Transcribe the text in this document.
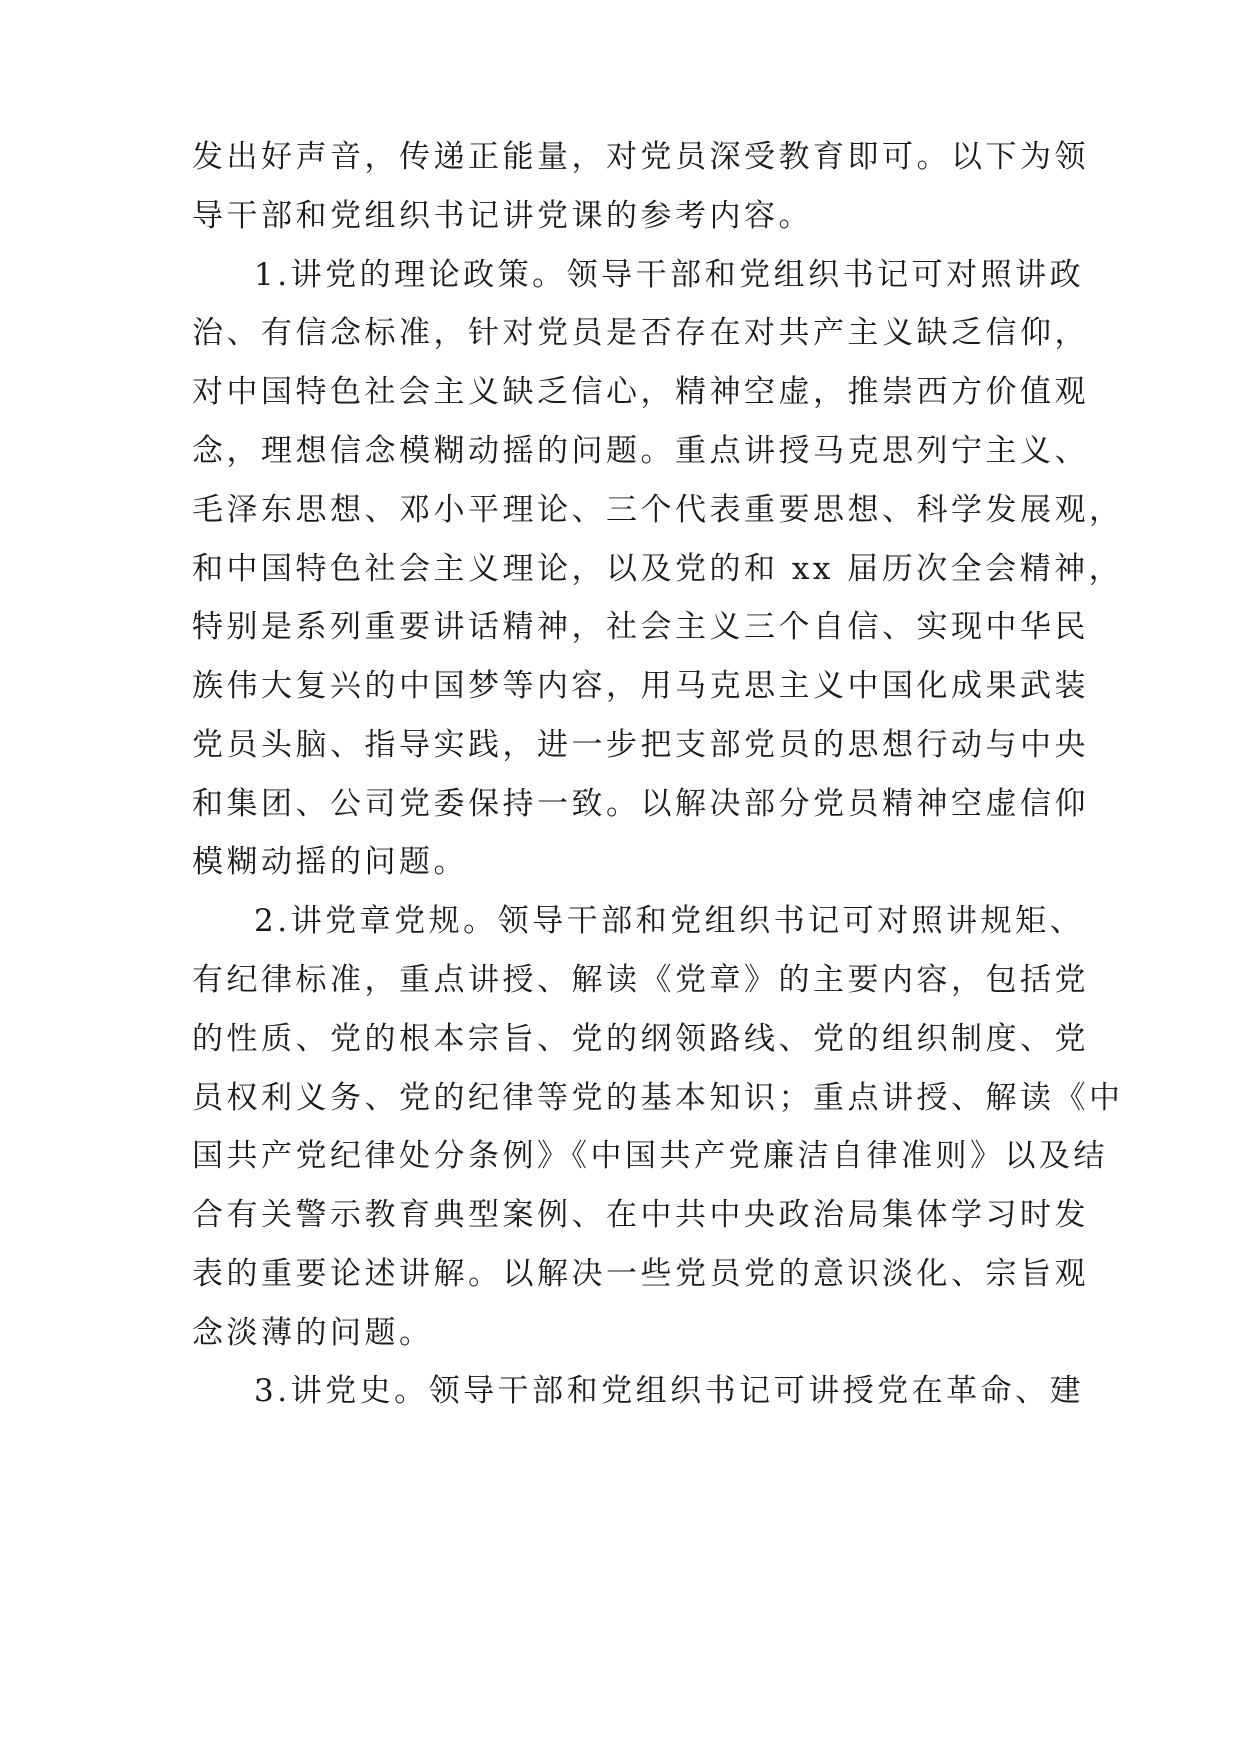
发出好声音，传递正能量，对党员深受教育即可。以下为领
导干部和党组织书记讲党课的参考内容。
1.讲党的理论政策。领导干部和党组织书记可对照讲政
治、有信念标准，针对党员是否存在对共产主义缺乏信仰，
对中国特色社会主义缺乏信心，精神空虚，推崇西方价值观
念，理想信念模糊动摇的问题。重点讲授马克思列宁主义、
毛泽东思想、邓小平理论、三个代表重要思想、科学发展观，
和中国特色社会主义理论，以及党的和 xx 届历次全会精神，
特别是系列重要讲话精神，社会主义三个自信、实现中华民
族伟大复兴的中国梦等内容，用马克思主义中国化成果武装
党员头脑、指导实践，进一步把支部党员的思想行动与中央
和集团、公司党委保持一致。以解决部分党员精神空虚信仰
模糊动摇的问题。
2.讲党章党规。领导干部和党组织书记可对照讲规矩、
有纪律标准，重点讲授、解读《党章》的主要内容，包括党
的性质、党的根本宗旨、党的纲领路线、党的组织制度、党
员权利义务、党的纪律等党的基本知识；重点讲授、解读《中
国共产党纪律处分条例》《中国共产党廉洁自律准则》以及结
合有关警示教育典型案例、在中共中央政治局集体学习时发
表的重要论述讲解。以解决一些党员党的意识淡化、宗旨观
念淡薄的问题。
3.讲党史。领导干部和党组织书记可讲授党在革命、建
